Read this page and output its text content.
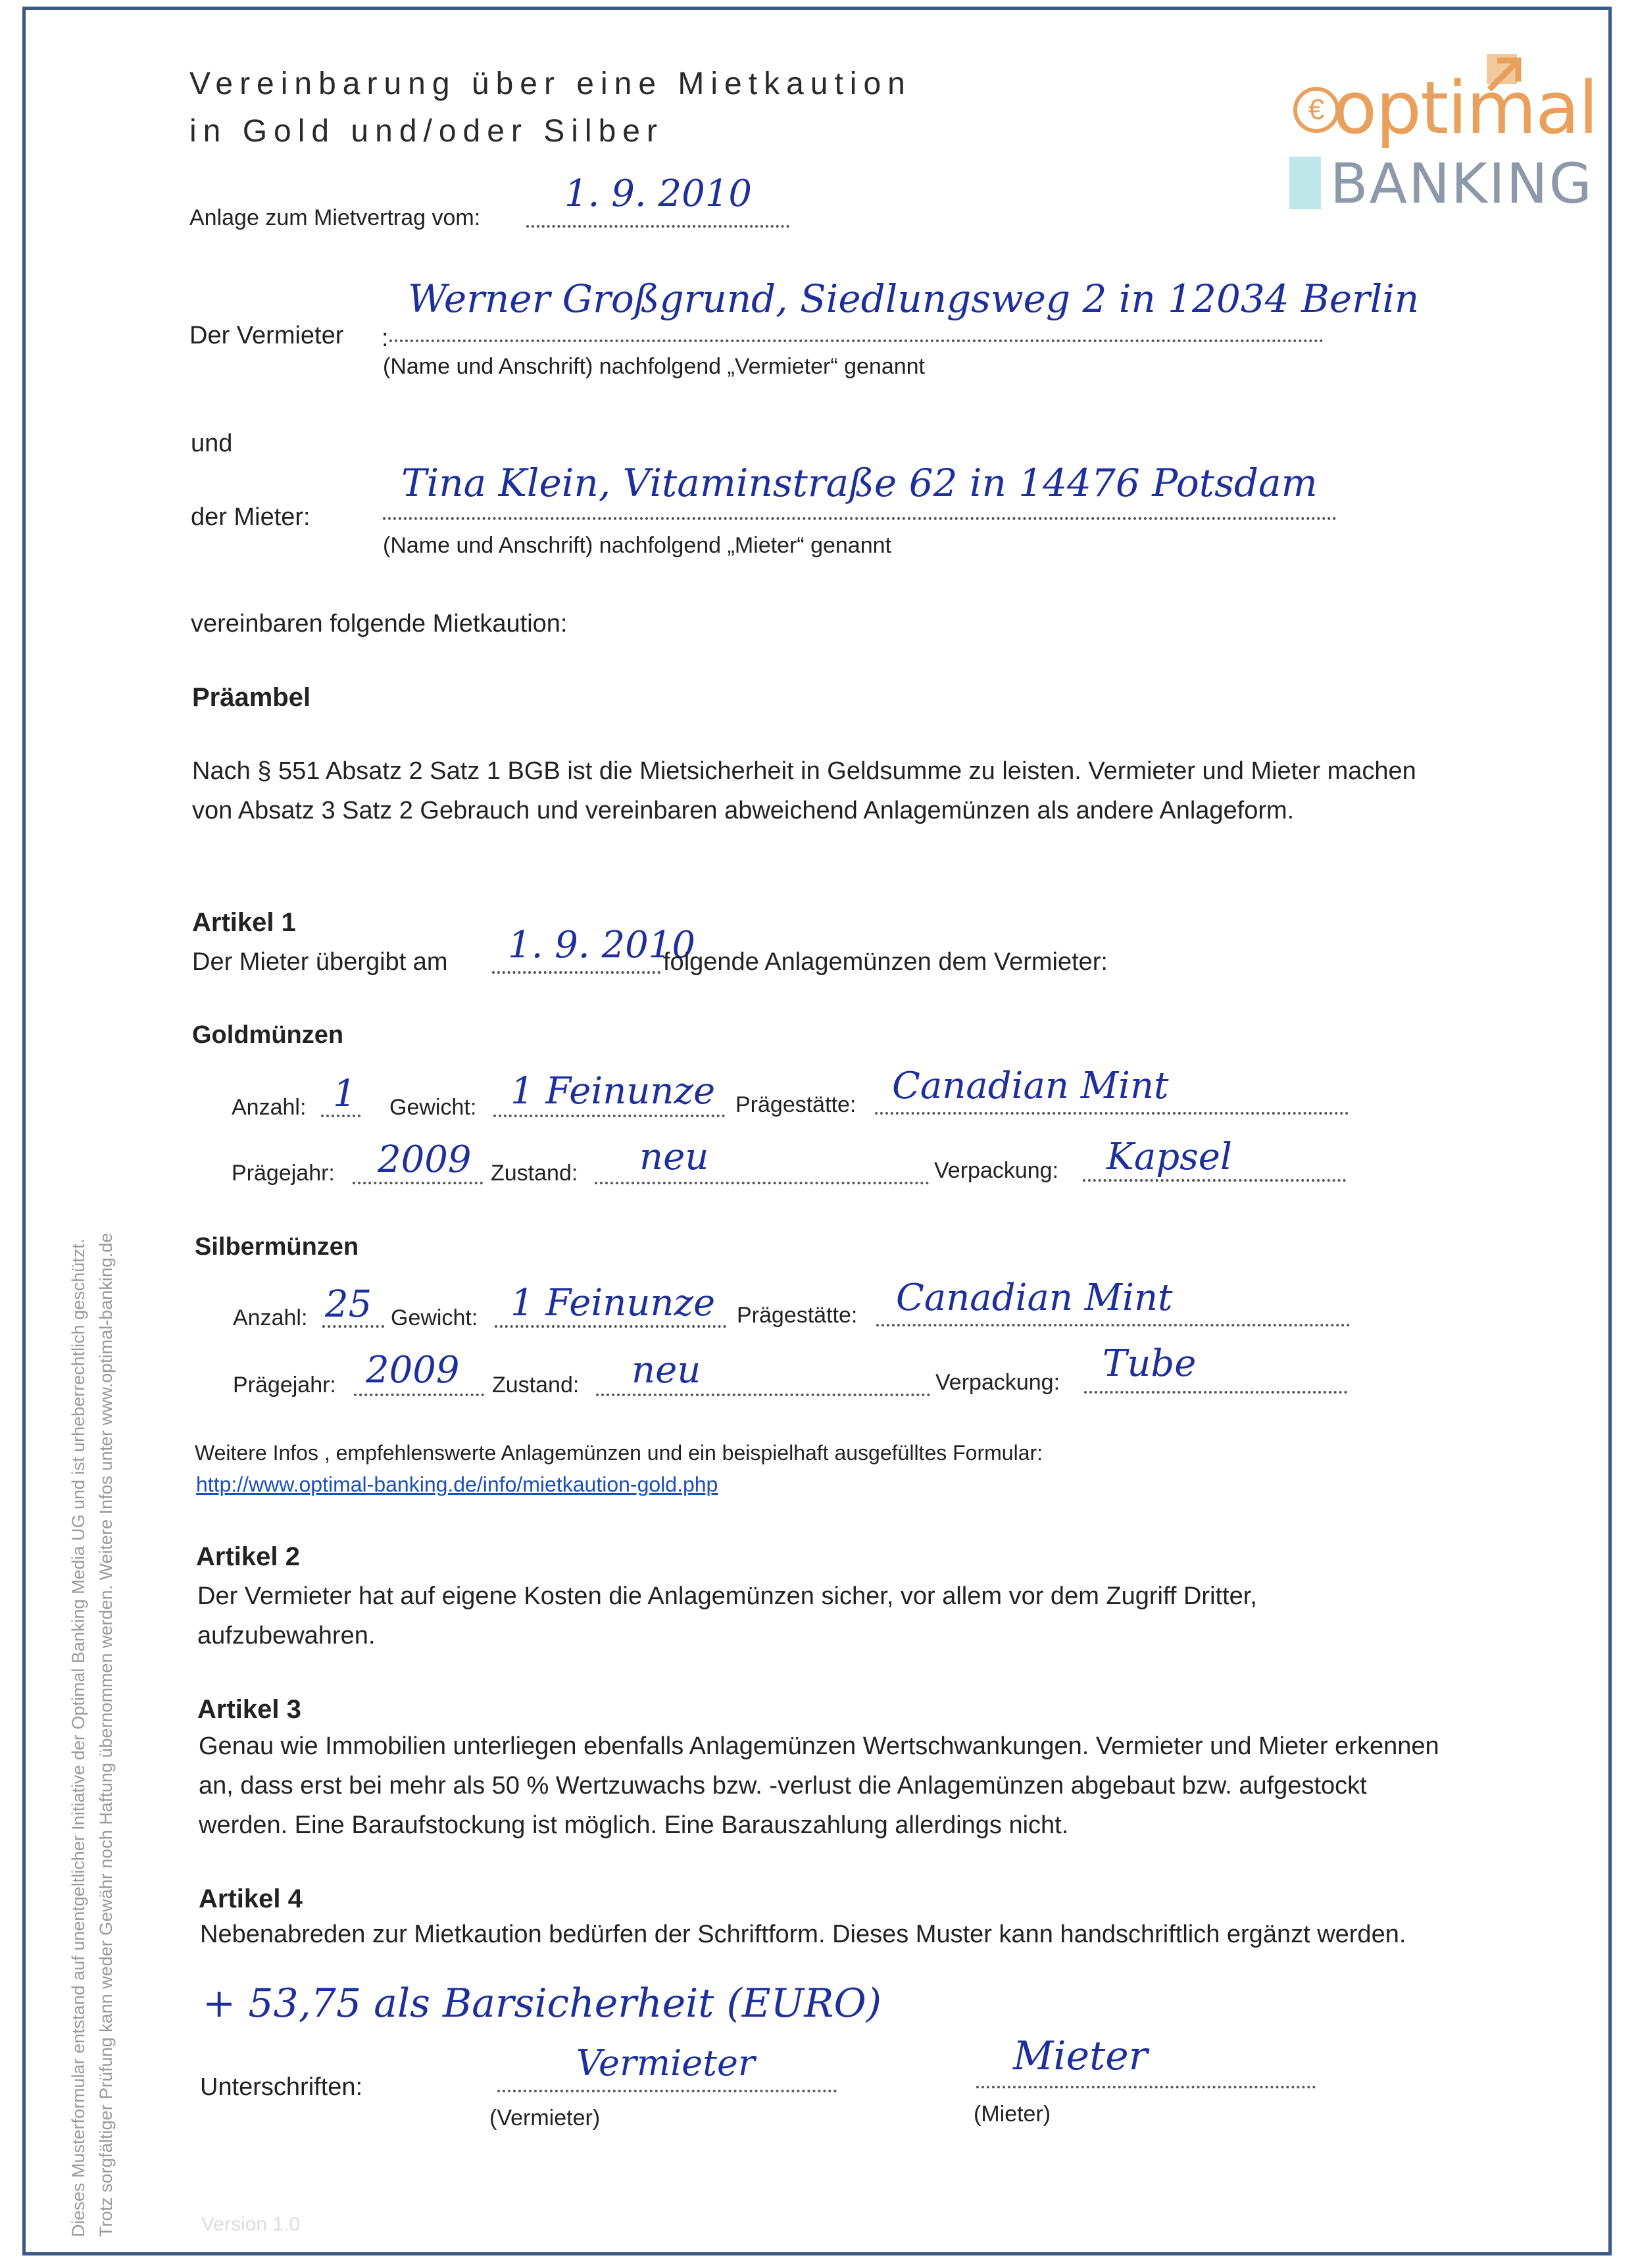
Vereinbarung über eine Mietkaution
in Gold und/oder Silber
€ optimal
BANKING
Anlage zum Mietvertrag vom:
1. 9. 2010
Der Vermieter :
Werner Großgrund, Siedlungsweg 2 in 12034 Berlin
(Name und Anschrift) nachfolgend „Vermieter“ genannt
und
der Mieter:
Tina Klein, Vitaminstraße 62 in 14476 Potsdam
(Name und Anschrift) nachfolgend „Mieter“ genannt
vereinbaren folgende Mietkaution:
Präambel
Nach § 551 Absatz 2 Satz 1 BGB ist die Mietsicherheit in Geldsumme zu leisten. Vermieter und Mieter machen von Absatz 3 Satz 2 Gebrauch und vereinbaren abweichend Anlagemünzen als andere Anlageform.
Artikel 1
Der Mieter übergibt am 1. 9. 2010
folgende Anlagemünzen dem Vermieter:
Goldmünzen
Anzahl: 1 Gewicht: 1 Feinunze Prägestätte: Canadian Mint
Prägejahr: 2009 Zustand: neu	Verpackung: Kapsel
Silbermünzen
Anzahl: 25 Gewicht: 1 Feinunze Prägestätte: Canadian Mint
Prägejahr: 2009 Zustand: neu	Verpackung: Tube
Weitere Infos , empfehlenswerte Anlagemünzen und ein beispielhaft ausgefülltes Formular:
http://www.optimal-banking.de/info/mietkaution-gold.php
Artikel 2
Der Vermieter hat auf eigene Kosten die Anlagemünzen sicher, vor allem vor dem Zugriff Dritter, aufzubewahren.
Artikel 3
Genau wie Immobilien unterliegen ebenfalls Anlagemünzen Wertschwankungen. Vermieter und Mieter erkennen an, dass erst bei mehr als 50 % Wertzuwachs bzw. -verlust die Anlagemünzen abgebaut bzw. aufgestockt werden. Eine Baraufstockung ist möglich. Eine Barauszahlung allerdings nicht.
Artikel 4
Nebenabreden zur Mietkaution bedürfen der Schriftform. Dieses Muster kann handschriftlich ergänzt werden.
+ 53,75 als Barsicherheit (EURO)
Unterschriften:
Vermieter
(Vermieter)
Mieter
(Mieter)
Version 1.0
Dieses Musterformular entstand auf unentgeltlicher Initiative der Optimal Banking Media UG und ist urheberrechtlich geschützt. Trotz sorgfältiger Prüfung kann weder Gewähr noch Haftung übernommen werden. Weitere Infos unter www.optimal-banking.de
